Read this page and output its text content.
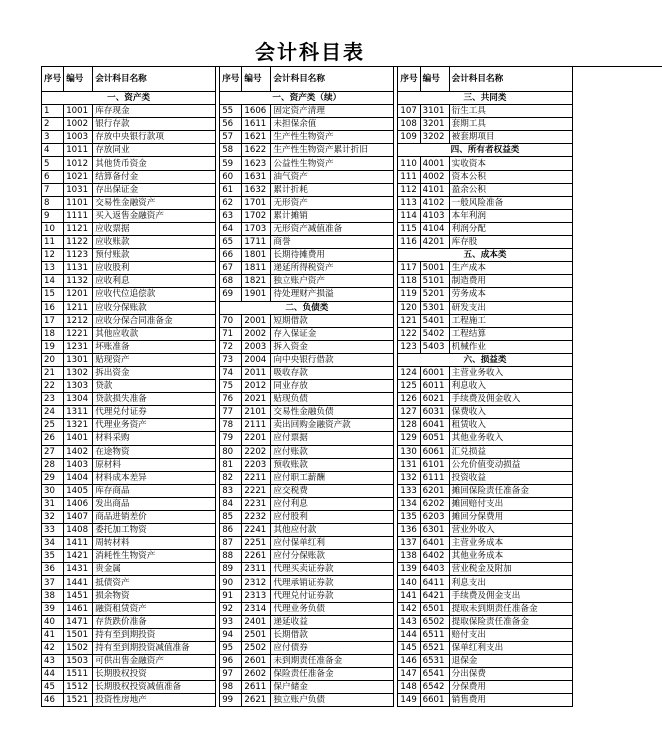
会计科目表
序号	编号	会计科目名称		序号	编号	会计科目名称		序号	编号	会计科目名称
一、资产类				一、资产类（续）				三、共同类		
1	1001	库存现金		55	1606	固定资产清理		107	3101	衍生工具
2	1002	银行存款		56	1611	未担保余值		108	3201	套期工具
3	1003	存放中央银行款项		57	1621	生产性生物资产		109	3202	被套期项目
4	1011	存放同业		58	1622	生产性生物资产累计折旧		四、所有者权益类		
5	1012	其他货币资金		59	1623	公益性生物资产		110	4001	实收资本
6	1021	结算备付金		60	1631	油气资产		111	4002	资本公积
7	1031	存出保证金		61	1632	累计折耗		112	4101	盈余公积
8	1101	交易性金融资产		62	1701	无形资产		113	4102	一般风险准备
9	1111	买入返售金融资产		63	1702	累计摊销		114	4103	本年利润
10	1121	应收票据		64	1703	无形资产减值准备		115	4104	利润分配
11	1122	应收账款		65	1711	商誉		116	4201	库存股
12	1123	预付账款		66	1801	长期待摊费用		五、成本类		
13	1131	应收股利		67	1811	递延所得税资产		117	5001	生产成本
14	1132	应收利息		68	1821	独立账户资产		118	5101	制造费用
15	1201	应收代位追偿款		69	1901	待处理财产损溢		119	5201	劳务成本
16	1211	应收分保账款		二、负债类				120	5301	研发支出
17	1212	应收分保合同准备金		70	2001	短期借款		121	5401	工程施工
18	1221	其他应收款		71	2002	存入保证金		122	5402	工程结算
19	1231	坏账准备		72	2003	拆入资金		123	5403	机械作业
20	1301	贴现资产		73	2004	向中央银行借款		六、损益类		
21	1302	拆出资金		74	2011	吸收存款		124	6001	主营业务收入
22	1303	贷款		75	2012	同业存放		125	6011	利息收入
23	1304	贷款损失准备		76	2021	贴现负债		126	6021	手续费及佣金收入
24	1311	代理兑付证券		77	2101	交易性金融负债		127	6031	保费收入
25	1321	代理业务资产		78	2111	卖出回购金融资产款		128	6041	租赁收入
26	1401	材料采购		79	2201	应付票据		129	6051	其他业务收入
27	1402	在途物资		80	2202	应付账款		130	6061	汇兑损益
28	1403	原材料		81	2203	预收账款		131	6101	公允价值变动损益
29	1404	材料成本差异		82	2211	应付职工薪酬		132	6111	投资收益
30	1405	库存商品		83	2221	应交税费		133	6201	摊回保险责任准备金
31	1406	发出商品		84	2231	应付利息		134	6202	摊回赔付支出
32	1407	商品进销差价		85	2232	应付股利		135	6203	摊回分保费用
33	1408	委托加工物资		86	2241	其他应付款		136	6301	营业外收入
34	1411	周转材料		87	2251	应付保单红利		137	6401	主营业务成本
35	1421	消耗性生物资产		88	2261	应付分保账款		138	6402	其他业务成本
36	1431	贵金属		89	2311	代理买卖证券款		139	6403	营业税金及附加
37	1441	抵债资产		90	2312	代理承销证券款		140	6411	利息支出
38	1451	损余物资		91	2313	代理兑付证券款		141	6421	手续费及佣金支出
39	1461	融资租赁资产		92	2314	代理业务负债		142	6501	提取未到期责任准备金
40	1471	存货跌价准备		93	2401	递延收益		143	6502	提取保险责任准备金
41	1501	持有至到期投资		94	2501	长期借款		144	6511	赔付支出
42	1502	持有至到期投资减值准备		95	2502	应付债券		145	6521	保单红利支出
43	1503	可供出售金融资产		96	2601	未到期责任准备金		146	6531	退保金
44	1511	长期股权投资		97	2602	保险责任准备金		147	6541	分出保费
45	1512	长期股权投资减值准备		98	2611	保户储金		148	6542	分保费用
46	1521	投资性房地产		99	2621	独立账户负债		149	6601	销售费用
